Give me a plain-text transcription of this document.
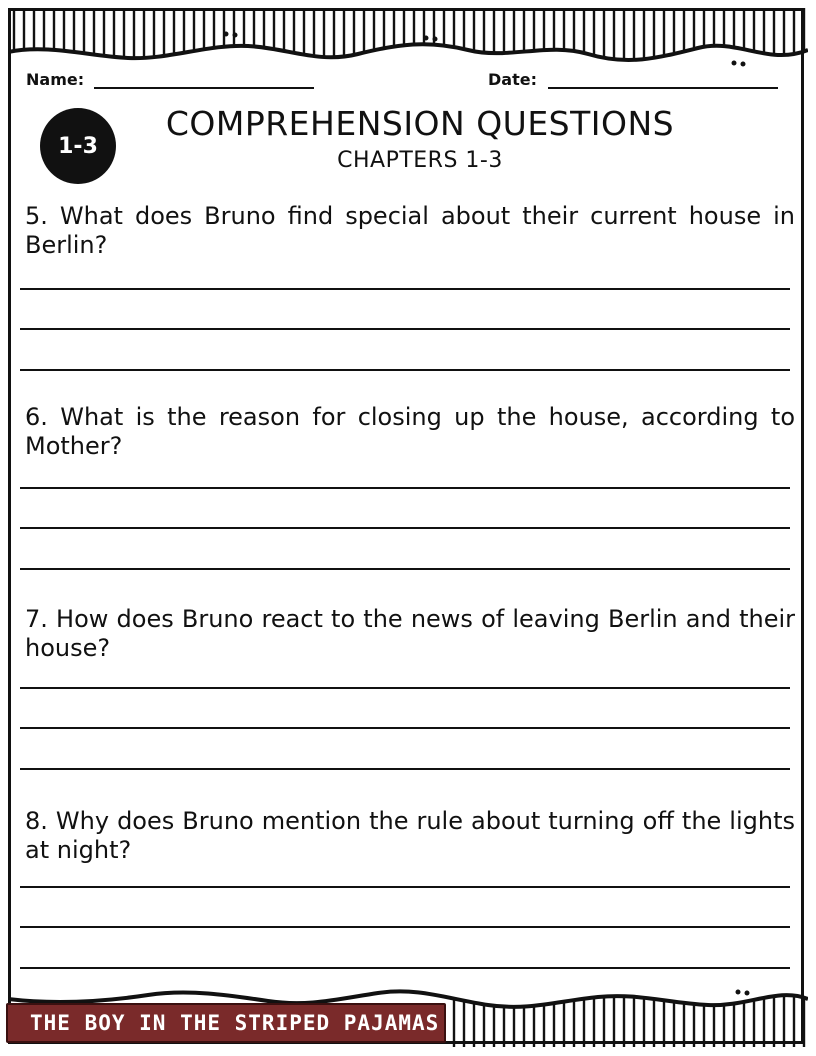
Name:	Date:
1-3
COMPREHENSION QUESTIONS
CHAPTERS 1-3
5. What does Bruno find special about their current house in Berlin?
6. What is the reason for closing up the house, according to Mother?
7. How does Bruno react to the news of leaving Berlin and their house?
8. Why does Bruno mention the rule about turning off the lights at night?
THE BOY IN THE STRIPED PAJAMAS
